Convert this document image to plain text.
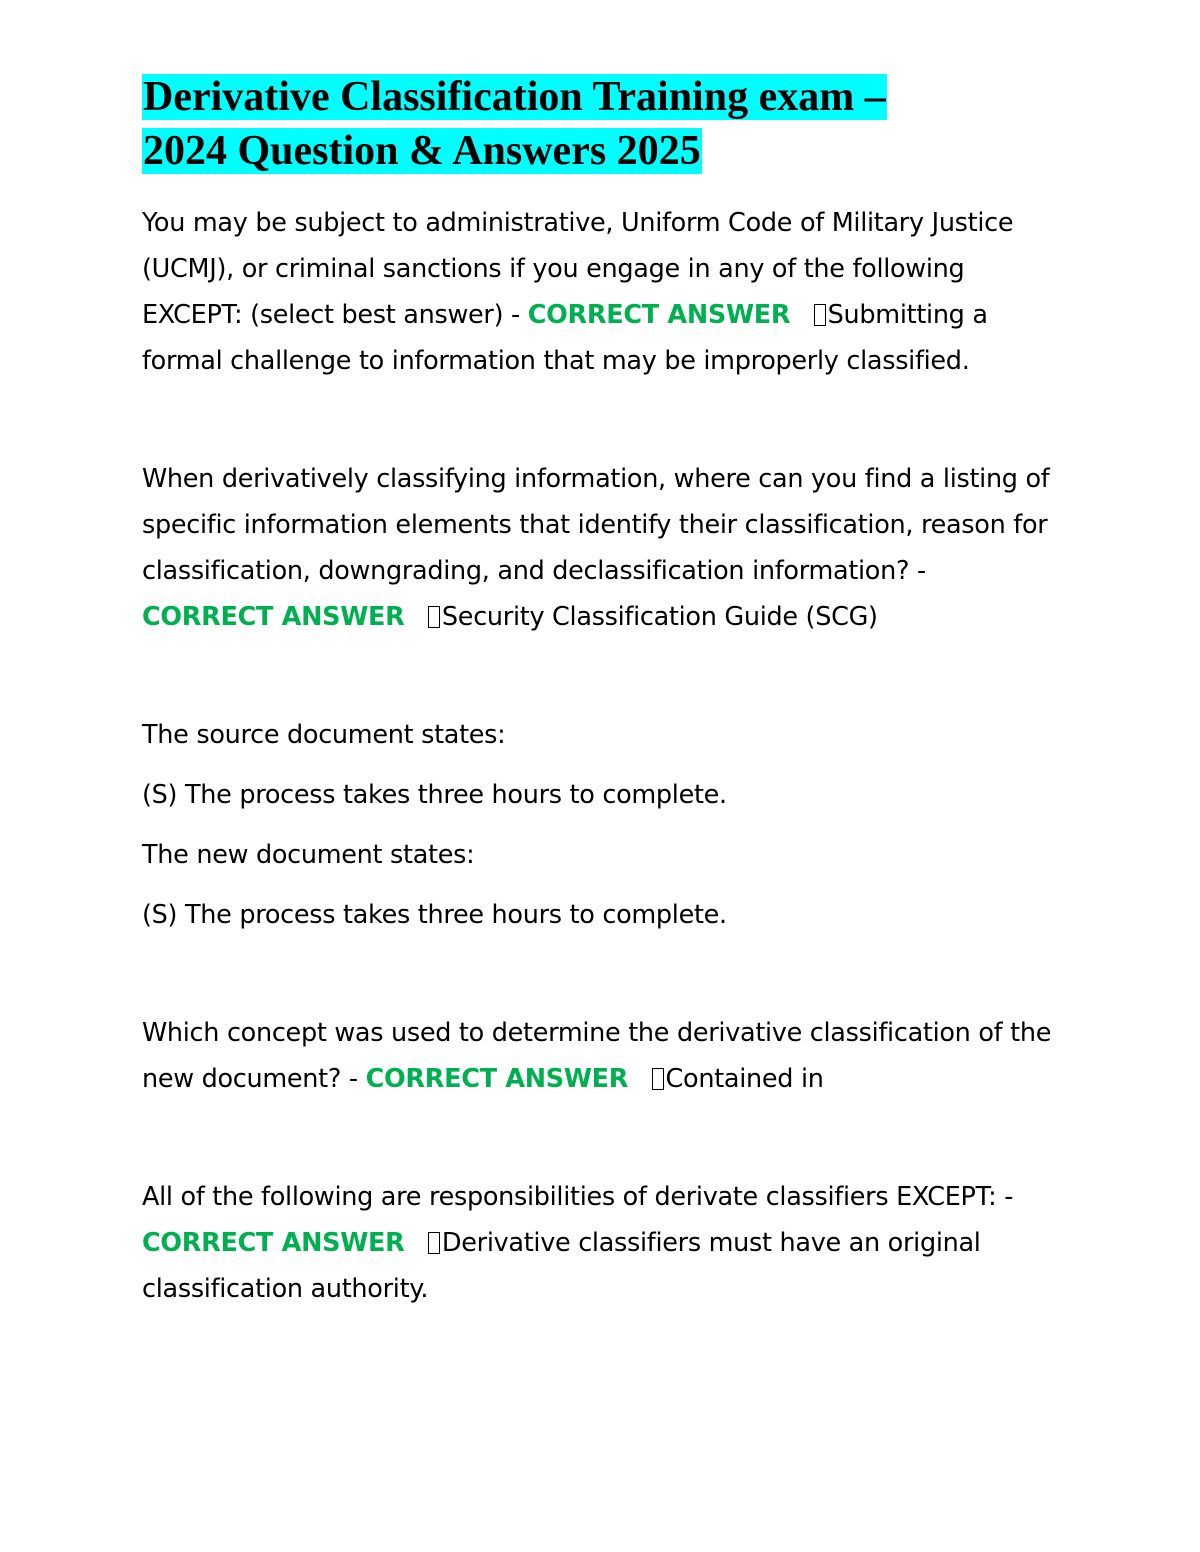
Derivative Classification Training exam –
2024 Question & Answers 2025

You may be subject to administrative, Uniform Code of Military Justice (UCMJ), or criminal sanctions if you engage in any of the following EXCEPT: (select best answer) - CORRECT ANSWER Submitting a formal challenge to information that may be improperly classified.

When derivatively classifying information, where can you find a listing of specific information elements that identify their classification, reason for classification, downgrading, and declassification information? - CORRECT ANSWER Security Classification Guide (SCG)

The source document states:

(S) The process takes three hours to complete.

The new document states:

(S) The process takes three hours to complete.

Which concept was used to determine the derivative classification of the new document? - CORRECT ANSWER Contained in

All of the following are responsibilities of derivate classifiers EXCEPT: - CORRECT ANSWER Derivative classifiers must have an original classification authority.
